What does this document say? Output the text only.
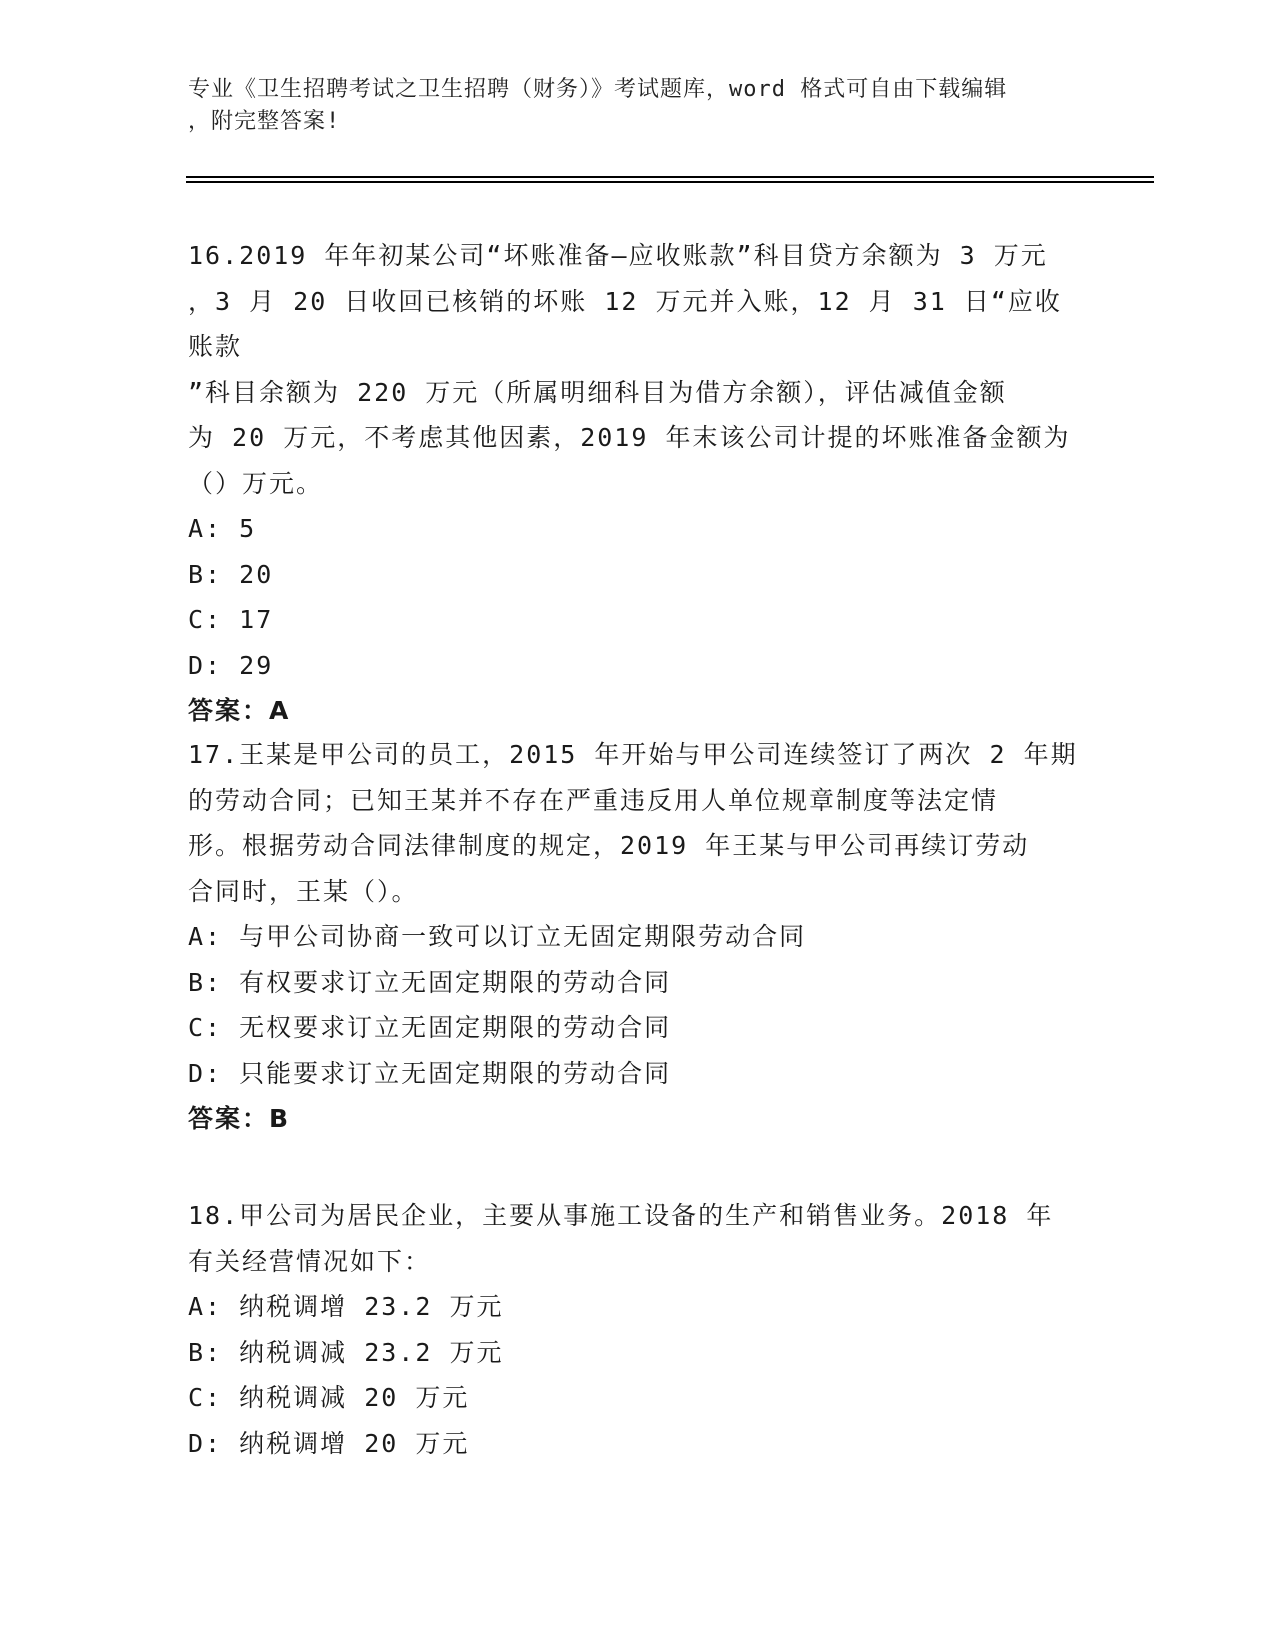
专业《卫生招聘考试之卫生招聘（财务）》考试题库，word 格式可自由下载编辑
，附完整答案!

16.2019 年年初某公司“坏账准备—应收账款”科目贷方余额为 3 万元
，3 月 20 日收回已核销的坏账 12 万元并入账，12 月 31 日“应收账款
”科目余额为 220 万元（所属明细科目为借方余额），评估减值金额
为 20 万元，不考虑其他因素，2019 年末该公司计提的坏账准备金额为
（）万元。

A: 5

B: 20

C: 17

D: 29

答案：A

17.王某是甲公司的员工，2015 年开始与甲公司连续签订了两次 2 年期
的劳动合同；已知王某并不存在严重违反用人单位规章制度等法定情
形。根据劳动合同法律制度的规定，2019 年王某与甲公司再续订劳动
合同时，王某（）。

A: 与甲公司协商一致可以订立无固定期限劳动合同

B: 有权要求订立无固定期限的劳动合同

C: 无权要求订立无固定期限的劳动合同

D: 只能要求订立无固定期限的劳动合同

答案：B

18.甲公司为居民企业，主要从事施工设备的生产和销售业务。2018 年
有关经营情况如下：

A: 纳税调增 23.2 万元

B: 纳税调减 23.2 万元

C: 纳税调减 20 万元

D: 纳税调增 20 万元
